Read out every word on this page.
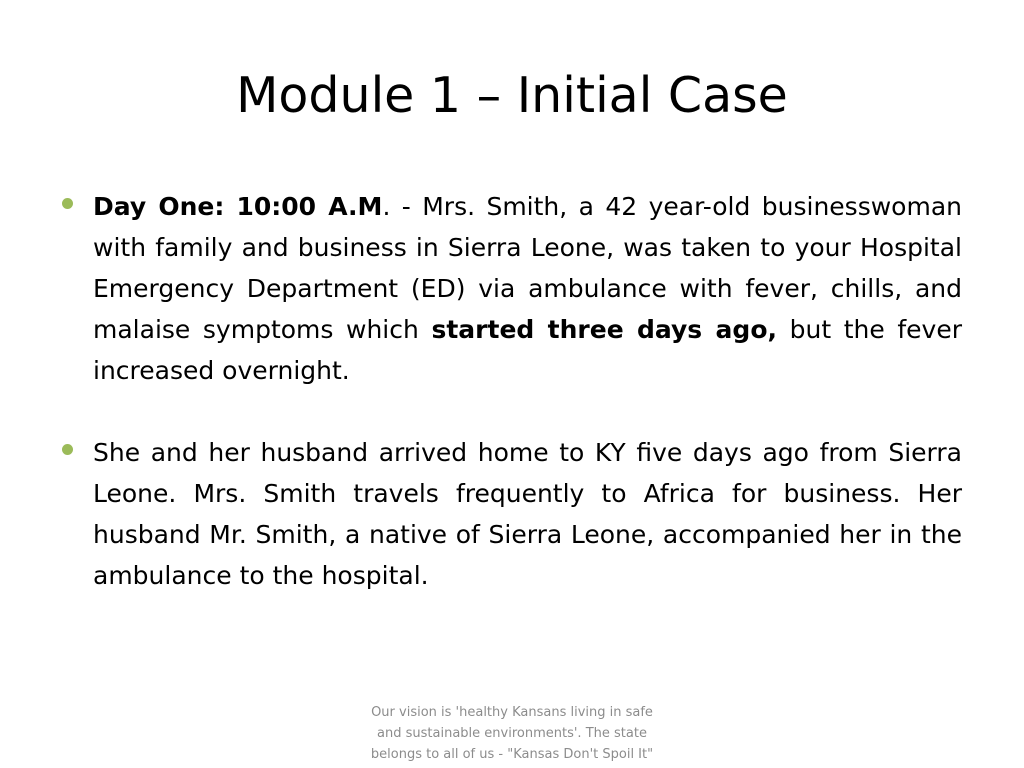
Module 1 – Initial Case
Day One: 10:00 A.M. - Mrs. Smith, a 42 year-old businesswoman with family and business in Sierra Leone, was taken to your Hospital Emergency Department (ED) via ambulance with fever, chills, and malaise symptoms which started three days ago, but the fever increased overnight.
She and her husband arrived home to KY five days ago from Sierra Leone. Mrs. Smith travels frequently to Africa for business. Her husband Mr. Smith, a native of Sierra Leone, accompanied her in the ambulance to the hospital.
Our vision is 'healthy Kansans living in safe
and sustainable environments'. The state
belongs to all of us - "Kansas Don't Spoil It"
